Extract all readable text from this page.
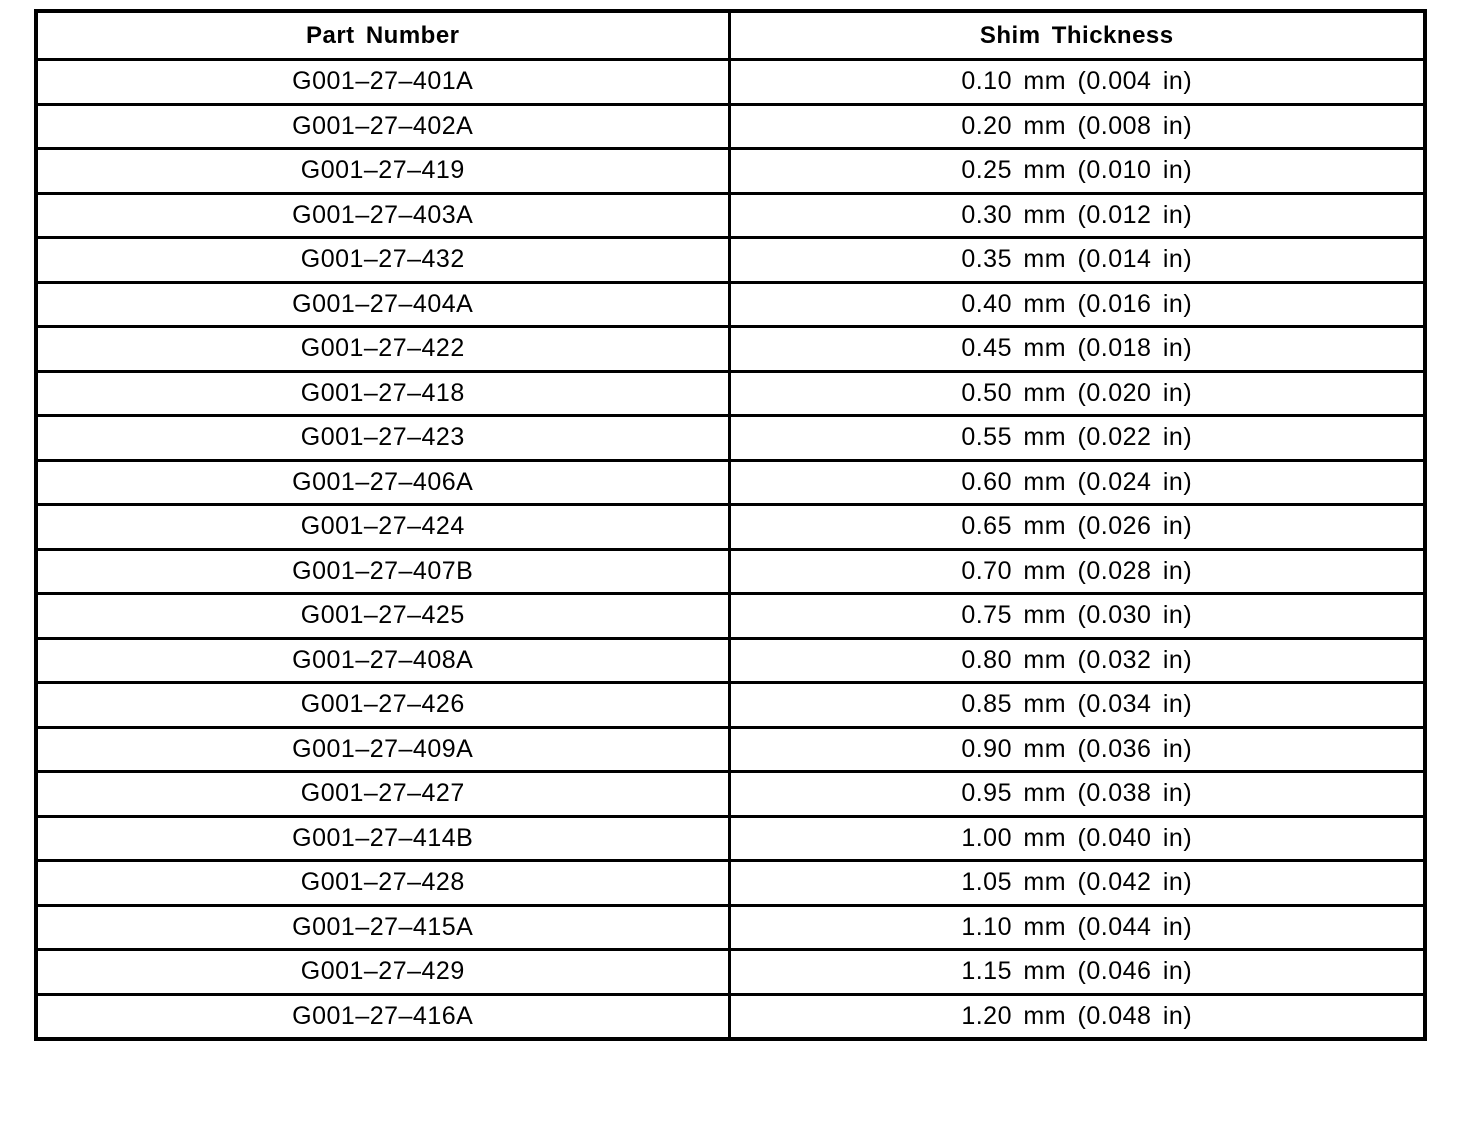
Part Number	Shim Thickness
G001–27–401A	0.10 mm (0.004 in)
G001–27–402A	0.20 mm (0.008 in)
G001–27–419	0.25 mm (0.010 in)
G001–27–403A	0.30 mm (0.012 in)
G001–27–432	0.35 mm (0.014 in)
G001–27–404A	0.40 mm (0.016 in)
G001–27–422	0.45 mm (0.018 in)
G001–27–418	0.50 mm (0.020 in)
G001–27–423	0.55 mm (0.022 in)
G001–27–406A	0.60 mm (0.024 in)
G001–27–424	0.65 mm (0.026 in)
G001–27–407B	0.70 mm (0.028 in)
G001–27–425	0.75 mm (0.030 in)
G001–27–408A	0.80 mm (0.032 in)
G001–27–426	0.85 mm (0.034 in)
G001–27–409A	0.90 mm (0.036 in)
G001–27–427	0.95 mm (0.038 in)
G001–27–414B	1.00 mm (0.040 in)
G001–27–428	1.05 mm (0.042 in)
G001–27–415A	1.10 mm (0.044 in)
G001–27–429	1.15 mm (0.046 in)
G001–27–416A	1.20 mm (0.048 in)
